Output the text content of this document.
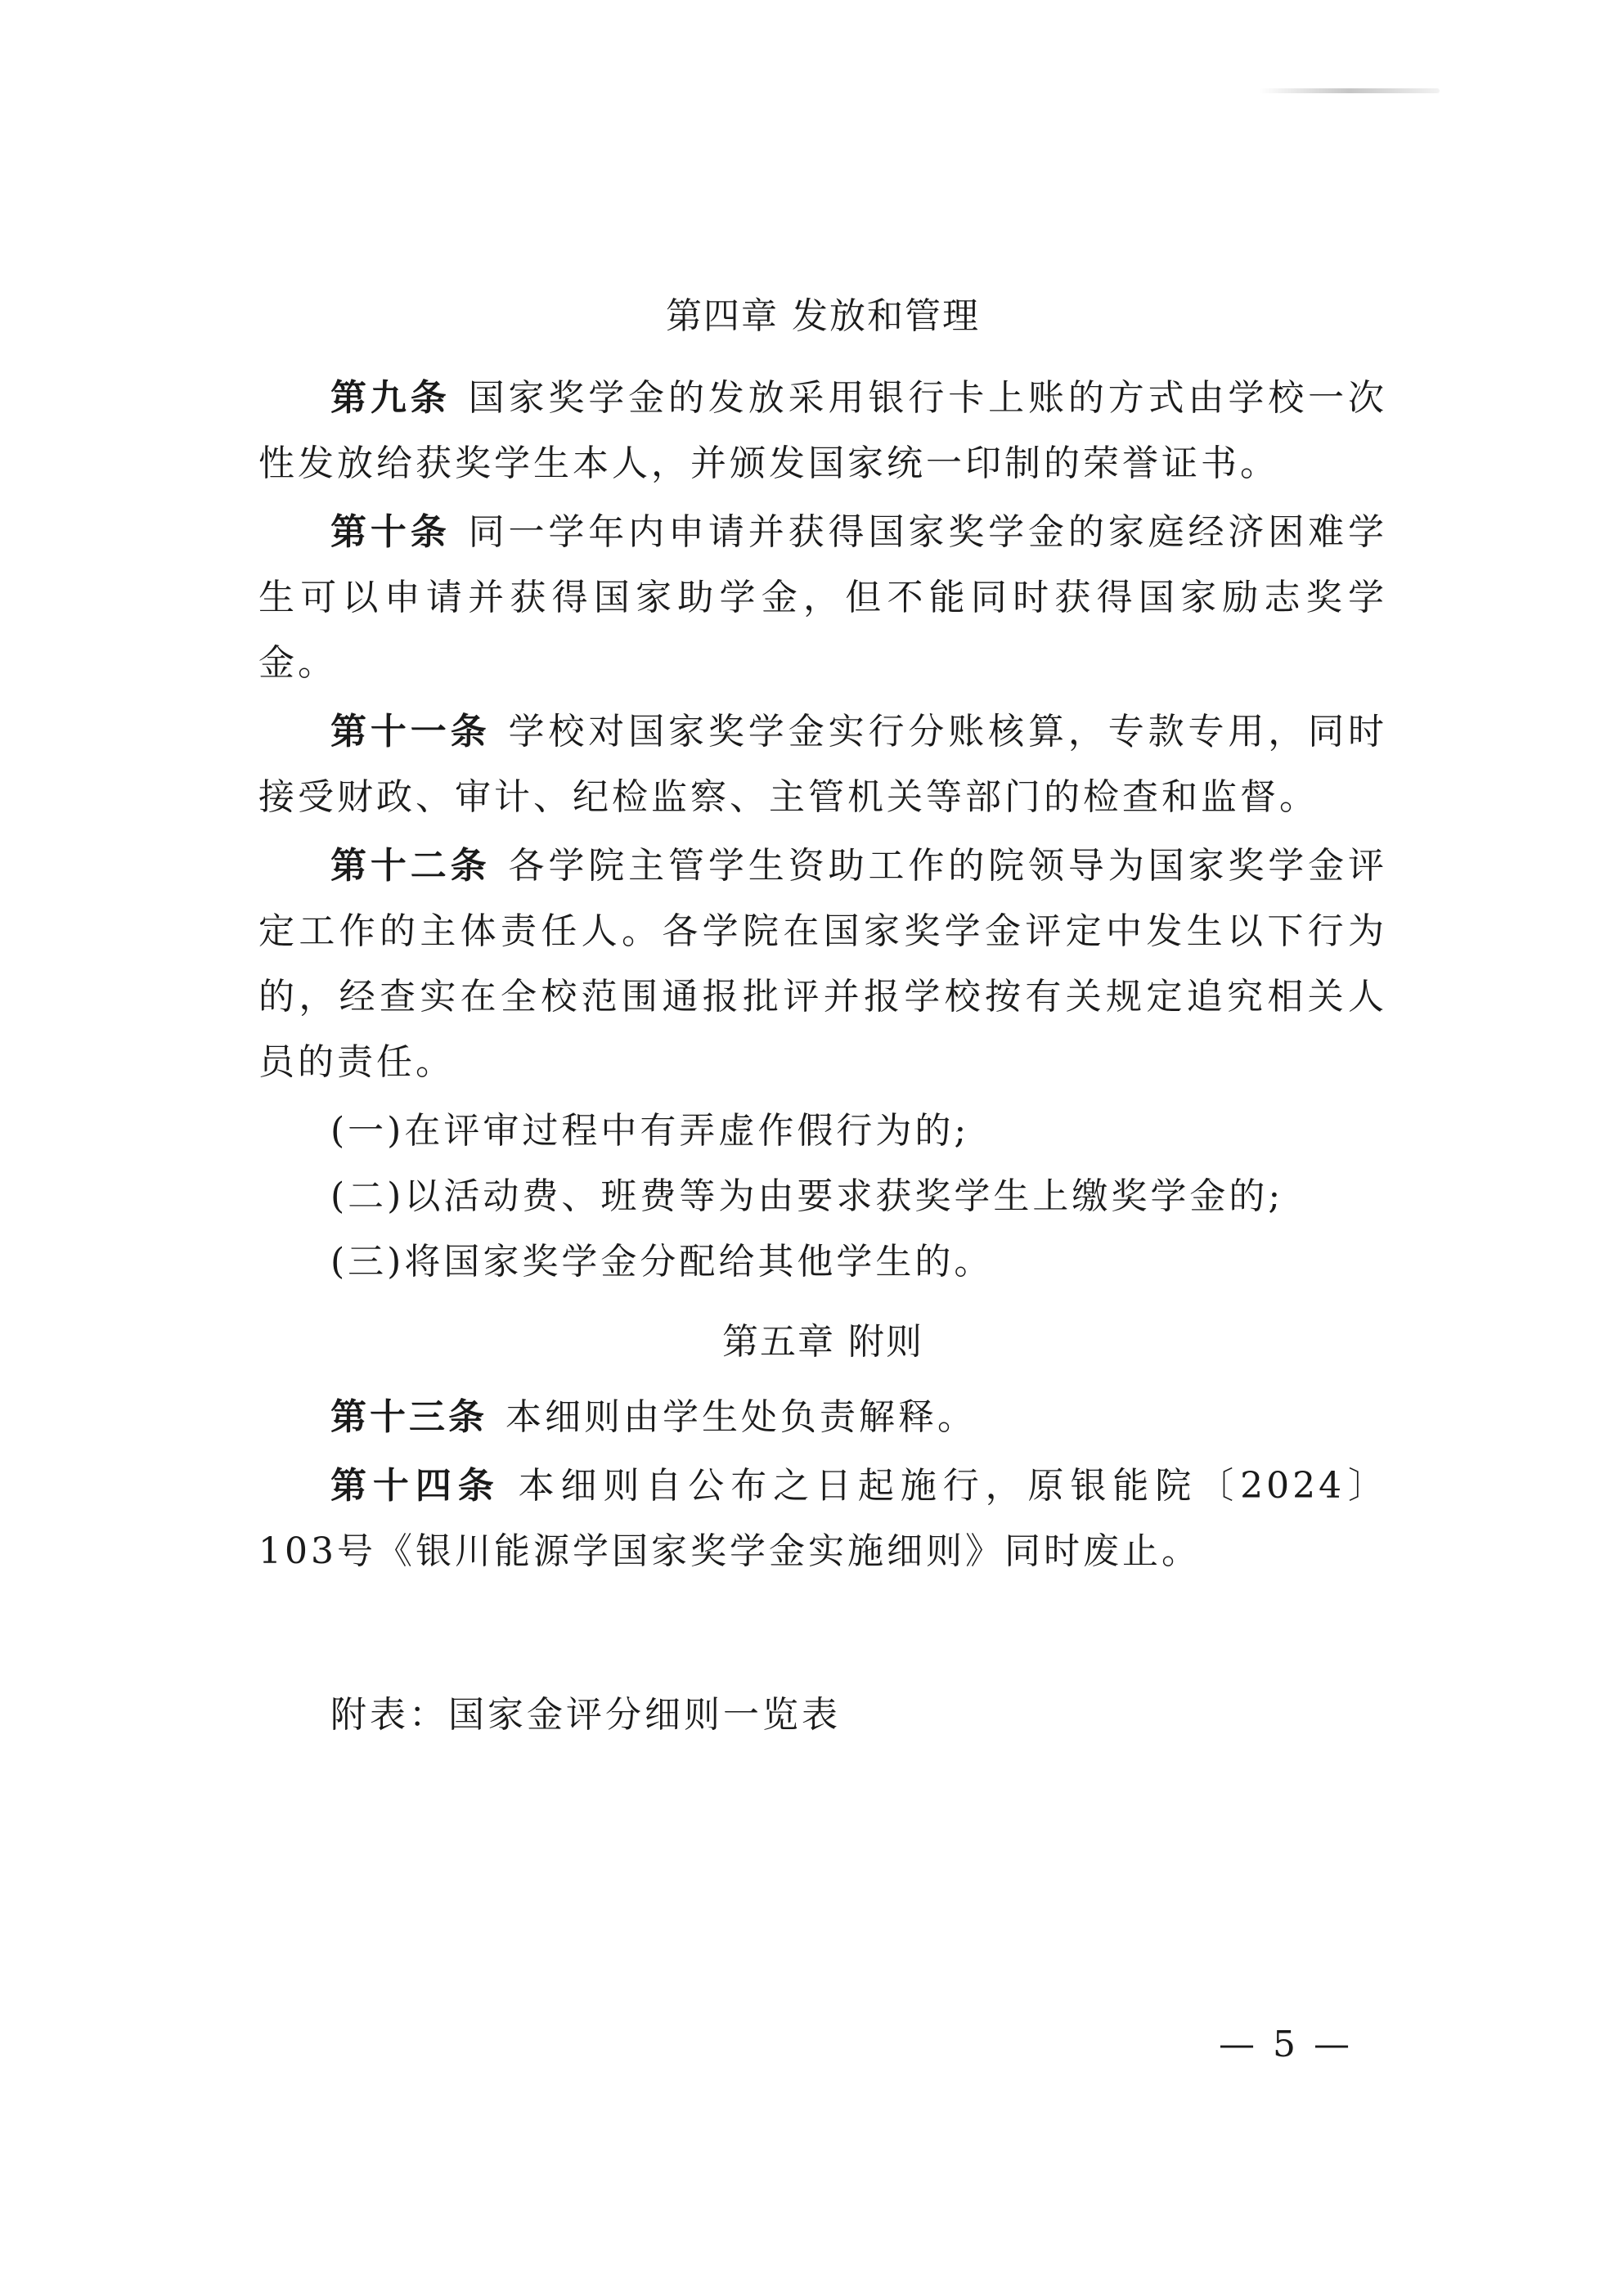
第四章 发放和管理

第九条 国家奖学金的发放采用银行卡上账的方式由学校一次性发放给获奖学生本人，并颁发国家统一印制的荣誉证书。

第十条 同一学年内申请并获得国家奖学金的家庭经济困难学生可以申请并获得国家助学金，但不能同时获得国家励志奖学金。

第十一条 学校对国家奖学金实行分账核算，专款专用，同时接受财政、审计、纪检监察、主管机关等部门的检查和监督。

第十二条 各学院主管学生资助工作的院领导为国家奖学金评定工作的主体责任人。各学院在国家奖学金评定中发生以下行为的，经查实在全校范围通报批评并报学校按有关规定追究相关人员的责任。

(一)在评审过程中有弄虚作假行为的;

(二)以活动费、班费等为由要求获奖学生上缴奖学金的;

(三)将国家奖学金分配给其他学生的。

第五章 附则

第十三条 本细则由学生处负责解释。

第十四条 本细则自公布之日起施行，原银能院〔2024〕103号《银川能源学国家奖学金实施细则》同时废止。

附表：国家金评分细则一览表

— 5 —
